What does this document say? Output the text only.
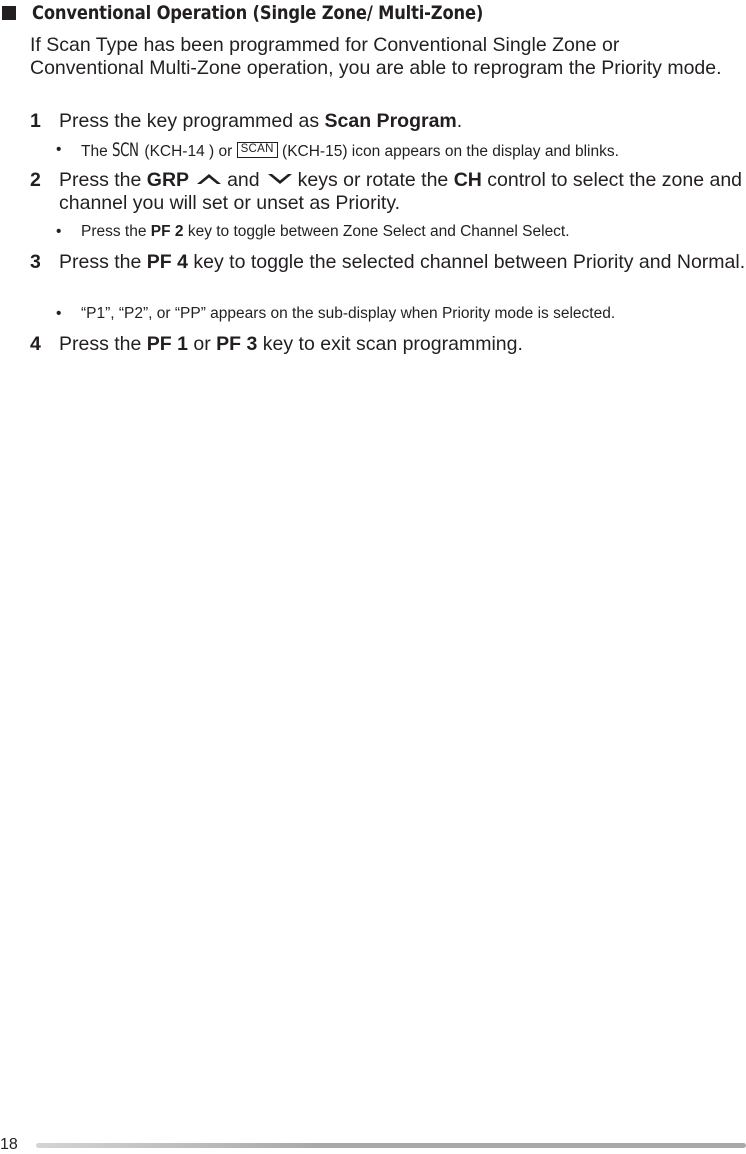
Conventional Operation (Single Zone/ Multi-Zone)

If Scan Type has been programmed for Conventional Single Zone or Conventional Multi-Zone operation, you are able to reprogram the Priority mode.

1 Press the key programmed as Scan Program.
• The SCN (KCH-14 ) or SCAN (KCH-15) icon appears on the display and blinks.
2 Press the GRP and keys or rotate the CH control to select the zone and channel you will set or unset as Priority.
• Press the PF 2 key to toggle between Zone Select and Channel Select.
3 Press the PF 4 key to toggle the selected channel between Priority and Normal.
• “P1”, “P2”, or “PP” appears on the sub-display when Priority mode is selected.
4 Press the PF 1 or PF 3 key to exit scan programming.
18
